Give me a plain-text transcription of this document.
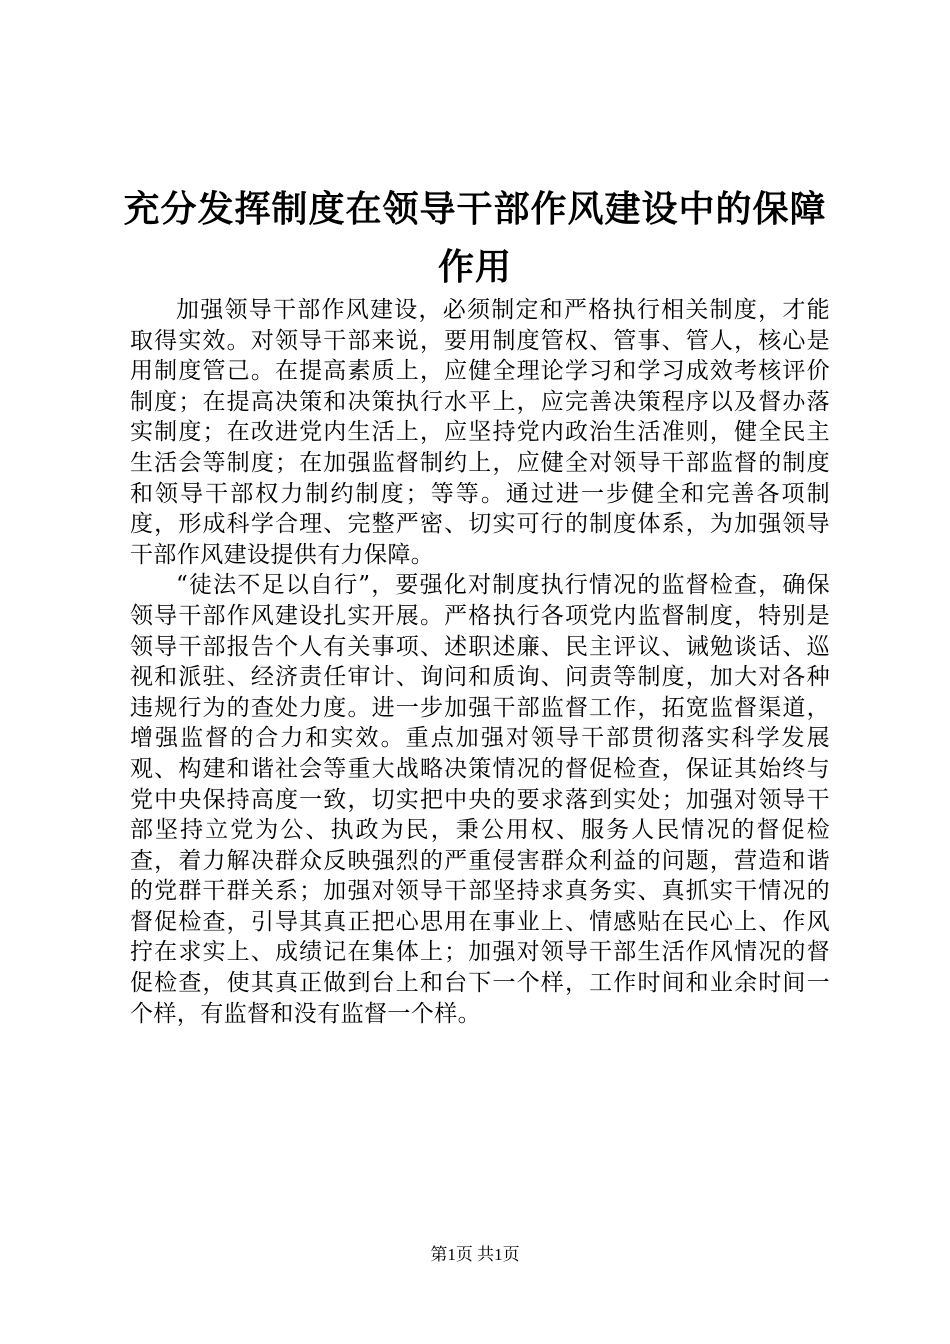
充分发挥制度在领导干部作风建设中的保障作用

加强领导干部作风建设，必须制定和严格执行相关制度，才能取得实效。对领导干部来说，要用制度管权、管事、管人，核心是用制度管己。在提高素质上，应健全理论学习和学习成效考核评价制度；在提高决策和决策执行水平上，应完善决策程序以及督办落实制度；在改进党内生活上，应坚持党内政治生活准则，健全民主生活会等制度；在加强监督制约上，应健全对领导干部监督的制度和领导干部权力制约制度；等等。通过进一步健全和完善各项制度，形成科学合理、完整严密、切实可行的制度体系，为加强领导干部作风建设提供有力保障。

“徒法不足以自行”，要强化对制度执行情况的监督检查，确保领导干部作风建设扎实开展。严格执行各项党内监督制度，特别是领导干部报告个人有关事项、述职述廉、民主评议、诫勉谈话、巡视和派驻、经济责任审计、询问和质询、问责等制度，加大对各种违规行为的查处力度。进一步加强干部监督工作，拓宽监督渠道，增强监督的合力和实效。重点加强对领导干部贯彻落实科学发展观、构建和谐社会等重大战略决策情况的督促检查，保证其始终与党中央保持高度一致，切实把中央的要求落到实处；加强对领导干部坚持立党为公、执政为民，秉公用权、服务人民情况的督促检查，着力解决群众反映强烈的严重侵害群众利益的问题，营造和谐的党群干群关系；加强对领导干部坚持求真务实、真抓实干情况的督促检查，引导其真正把心思用在事业上、情感贴在民心上、作风拧在求实上、成绩记在集体上；加强对领导干部生活作风情况的督促检查，使其真正做到台上和台下一个样，工作时间和业余时间一个样，有监督和没有监督一个样。

第1页 共1页
